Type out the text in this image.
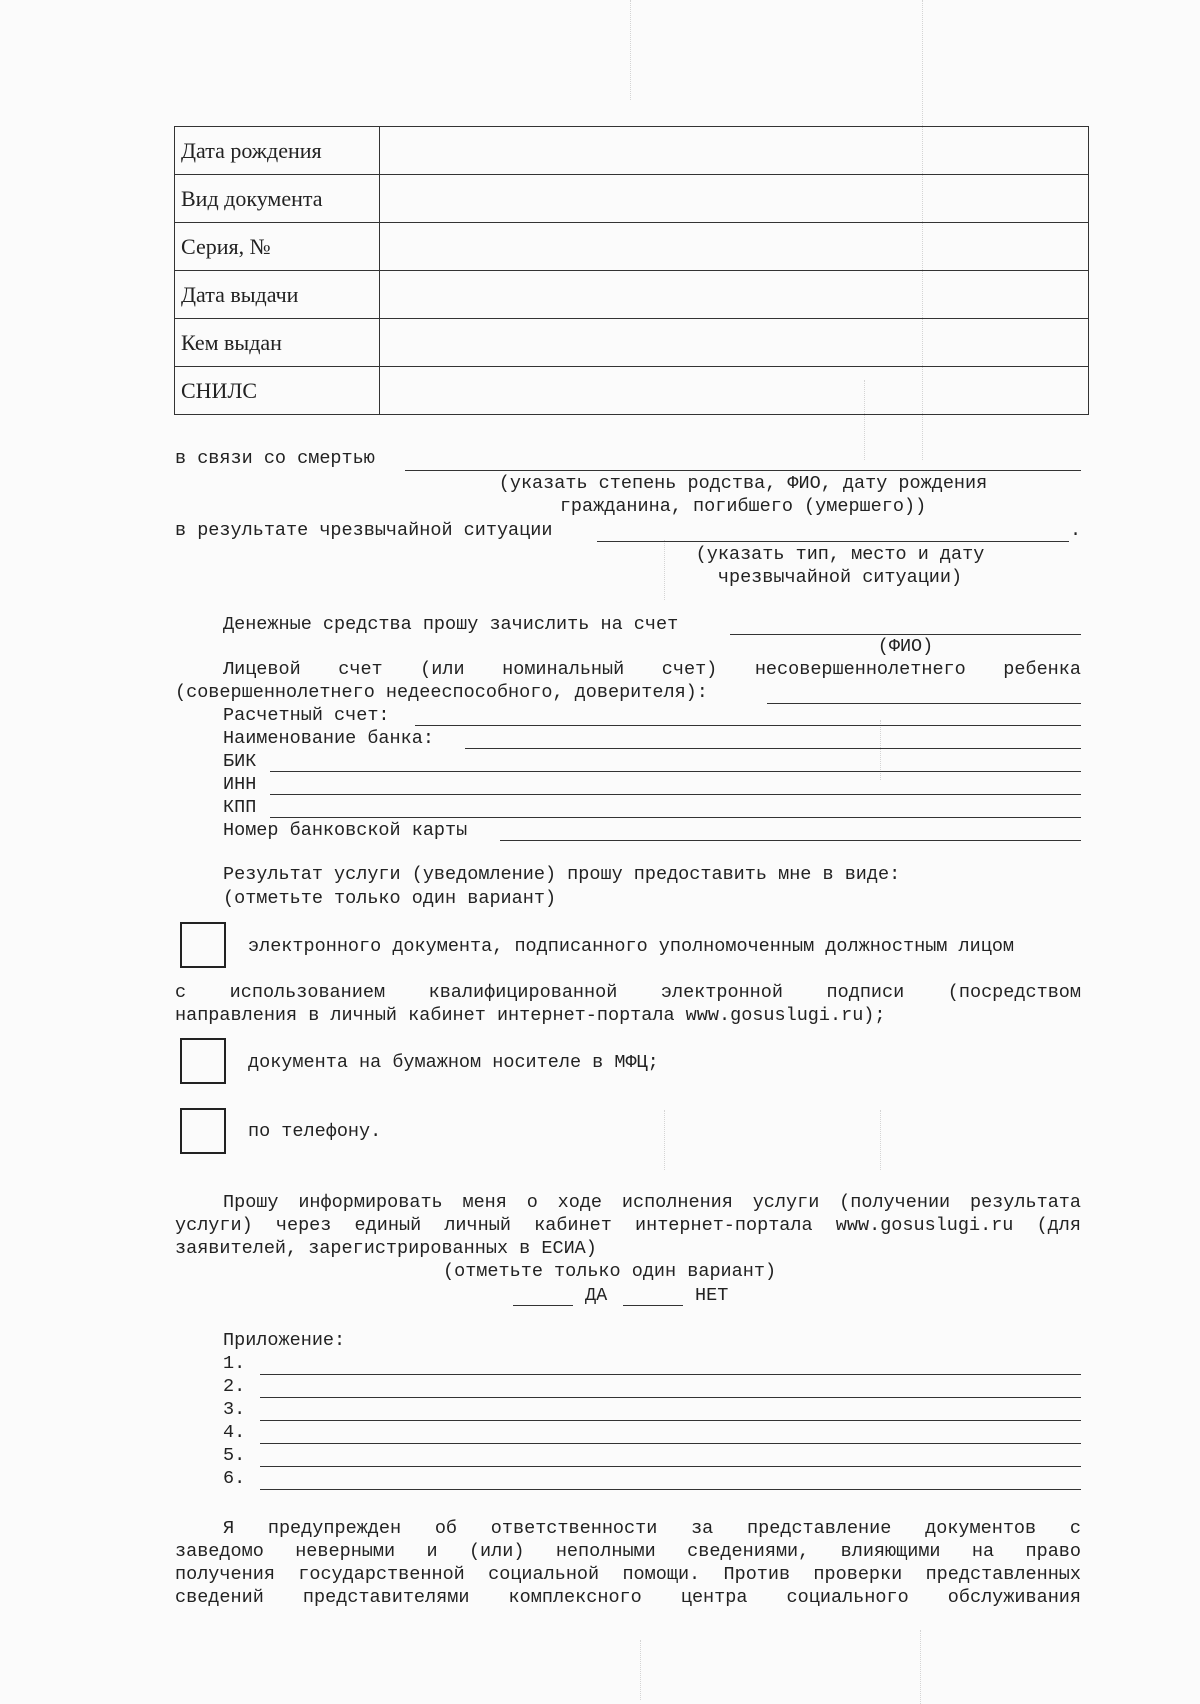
Дата рождения	
Вид документа	
Серия, №	
Дата выдачи	
Кем выдан	
СНИЛС	
в связи со смертью
(указать степень родства, ФИО, дату рождения
гражданина, погибшего (умершего))
в результате чрезвычайной ситуации	.
(указать тип, место и дату
чрезвычайной ситуации)
Денежные средства прошу зачислить на счет
(ФИО)
Лицевой счет (или номинальный счет) несовершеннолетнего ребенка
(совершеннолетнего недееспособного, доверителя):
Расчетный счет:
Наименование банка:
БИК
ИНН
КПП
Номер банковской карты
Результат услуги (уведомление) прошу предоставить мне в виде:
(отметьте только один вариант)
электронного документа, подписанного уполномоченным должностным лицом
с использованием квалифицированной электронной подписи (посредством
направления в личный кабинет интернет-портала www.gosuslugi.ru);
документа на бумажном носителе в МФЦ;
по телефону.
Прошу информировать меня о ходе исполнения услуги (получении результата
услуги) через единый личный кабинет интернет-портала www.gosuslugi.ru (для
заявителей, зарегистрированных в ЕСИА)
(отметьте только один вариант)
ДА	НЕТ
Приложение:
1.
2.
3.
4.
5.
6.
Я предупрежден об ответственности за представление документов с
заведомо неверными и (или) неполными сведениями, влияющими на право
получения государственной социальной помощи. Против проверки представленных
сведений представителями комплексного центра социального обслуживания
